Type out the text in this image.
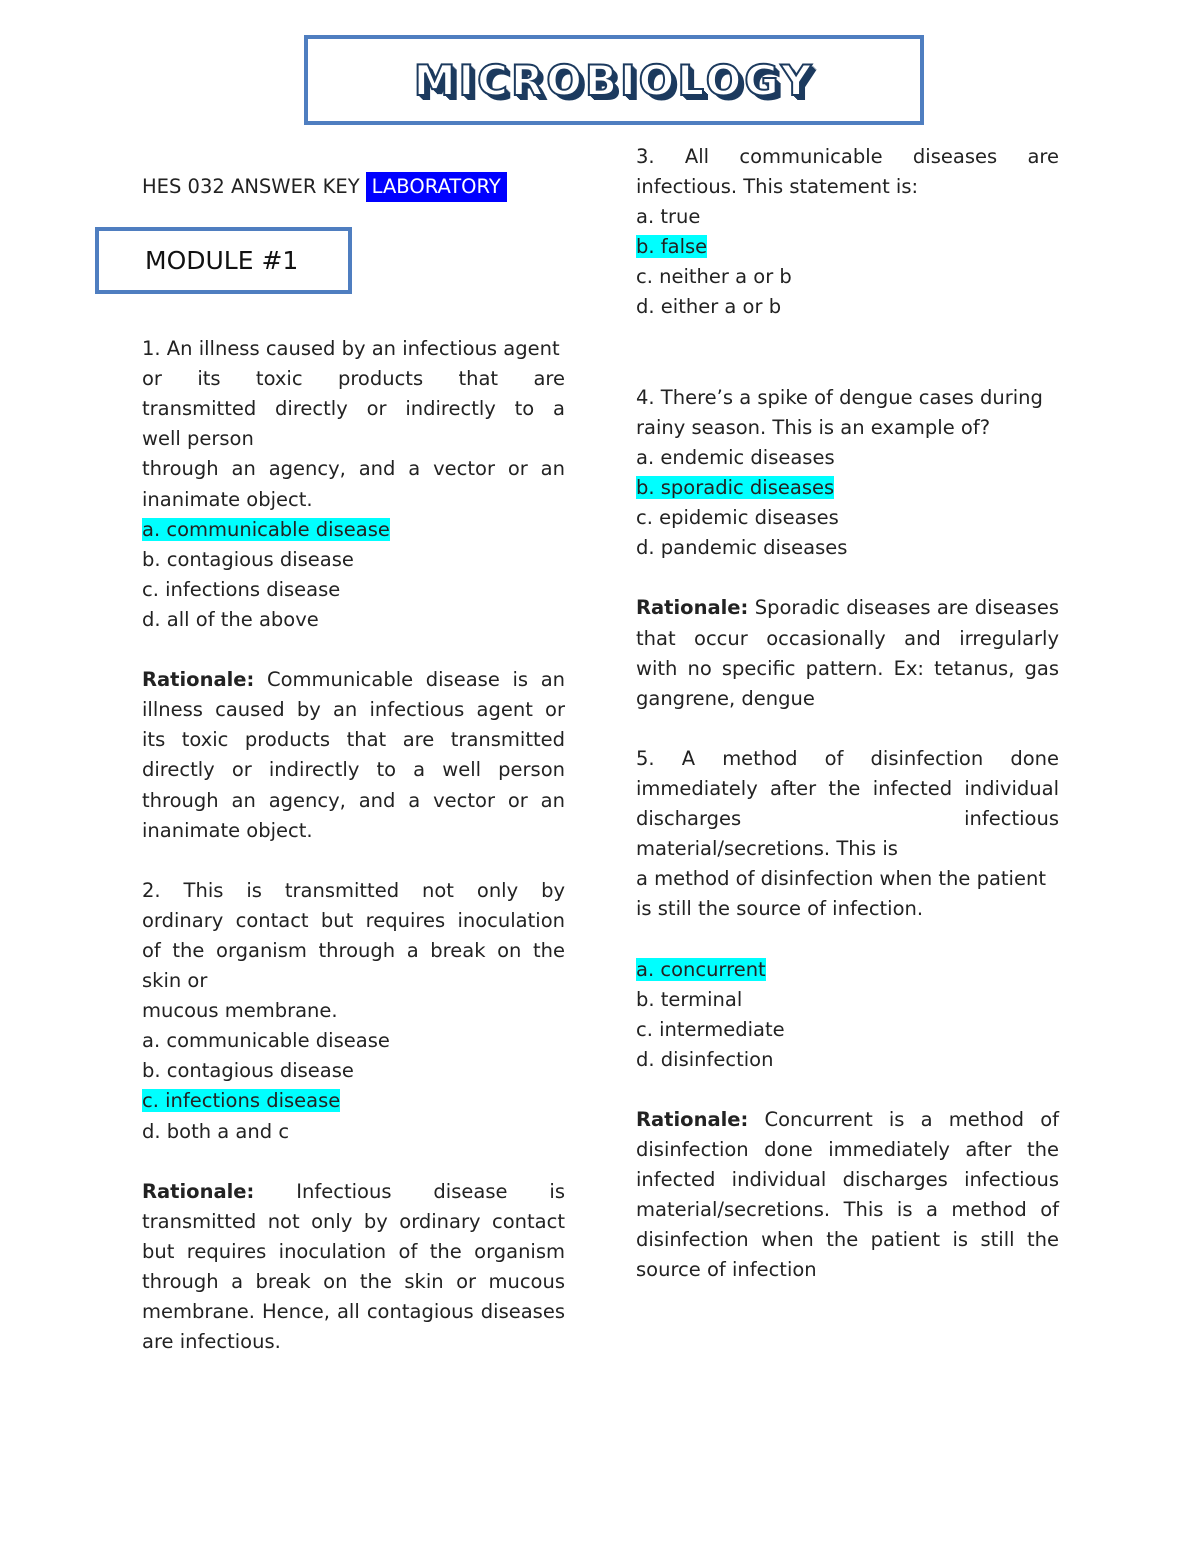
MICROBIOLOGY
MODULE #1
HES 032 ANSWER KEY LABORATORY
1. An illness caused by an infectious agent
or its toxic products that are
transmitted directly or indirectly to a
well person
through an agency, and a vector or an
inanimate object.
a. communicable disease
b. contagious disease
c. infections disease
d. all of the above
Rationale: Communicable disease is an
illness caused by an infectious agent or
its toxic products that are transmitted
directly or indirectly to a well person
through an agency, and a vector or an
inanimate object.
2. This is transmitted not only by
ordinary contact but requires inoculation
of the organism through a break on the
skin or
mucous membrane.
a. communicable disease
b. contagious disease
c. infections disease
d. both a and c
Rationale: Infectious disease is
transmitted not only by ordinary contact
but requires inoculation of the organism
through a break on the skin or mucous
membrane. Hence, all contagious diseases
are infectious.
3. All communicable diseases are
infectious. This statement is:
a. true
b. false
c. neither a or b
d. either a or b
4. There’s a spike of dengue cases during
rainy season. This is an example of?
a. endemic diseases
b. sporadic diseases
c. epidemic diseases
d. pandemic diseases
Rationale: Sporadic diseases are diseases
that occur occasionally and irregularly
with no specific pattern. Ex: tetanus, gas
gangrene, dengue
5. A method of disinfection done
immediately after the infected individual
discharges infectious
material/secretions. This is
a method of disinfection when the patient
is still the source of infection.
a. concurrent
b. terminal
c. intermediate
d. disinfection
Rationale: Concurrent is a method of
disinfection done immediately after the
infected individual discharges infectious
material/secretions. This is a method of
disinfection when the patient is still the
source of infection
